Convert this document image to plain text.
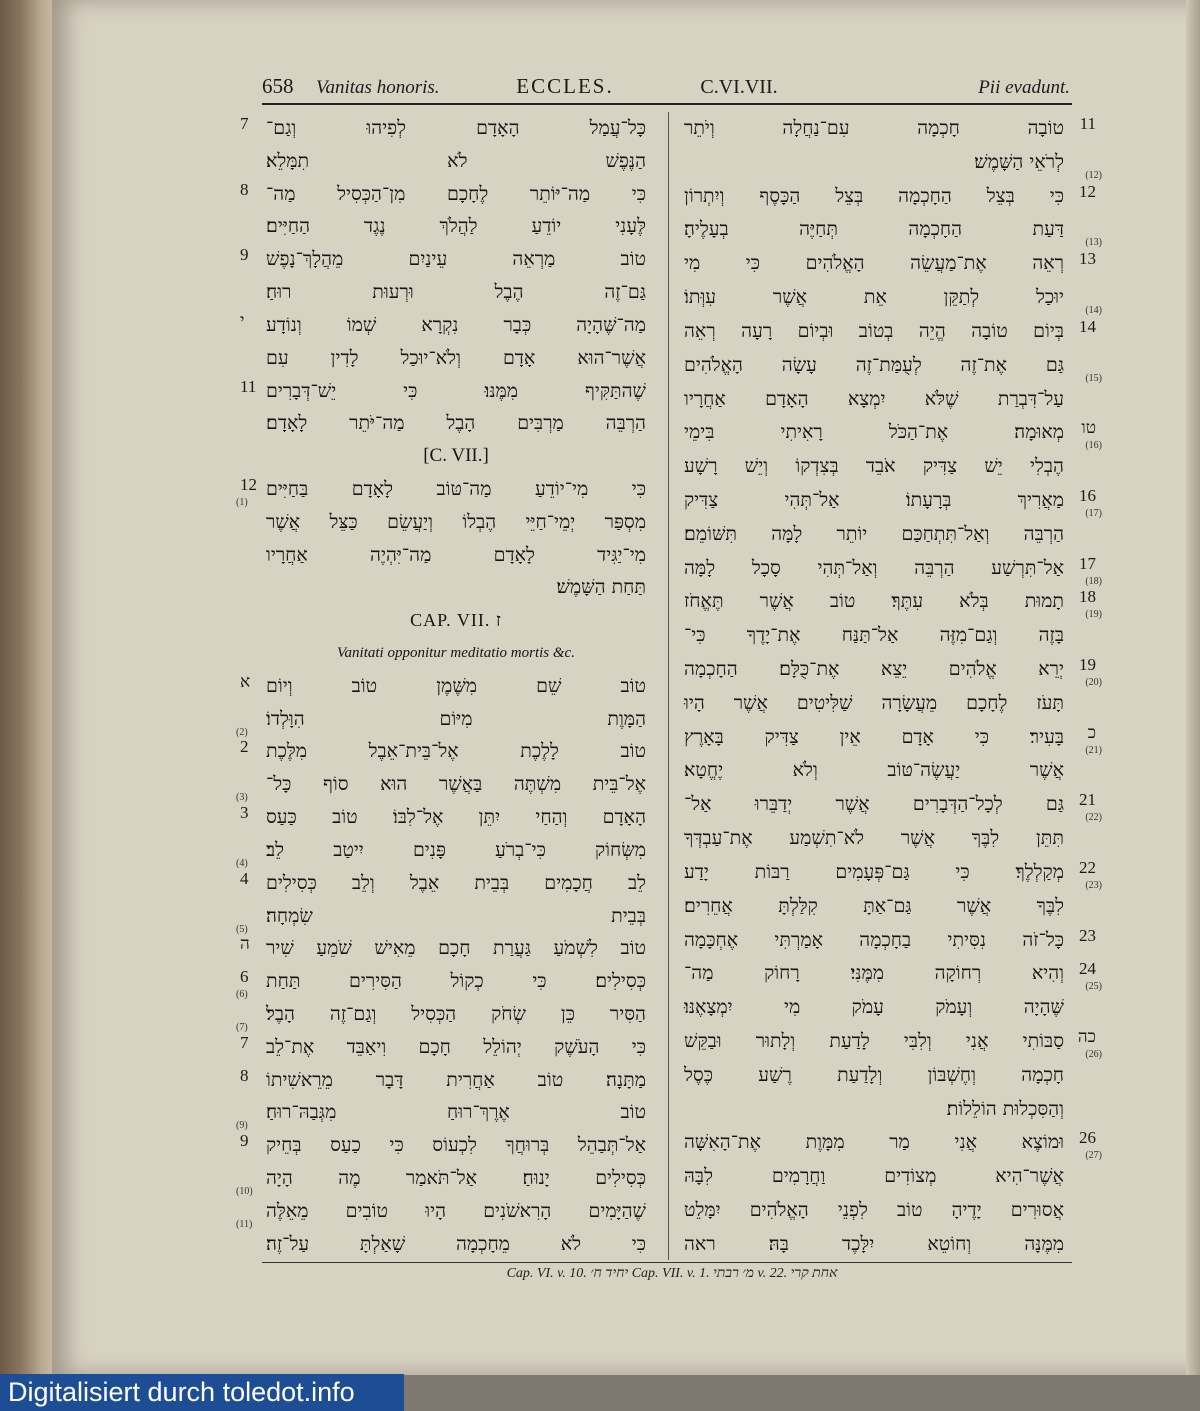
658	Vanitas honoris.	ECCLES.	C.VI.VII.	Pii evadunt.
כָּל־עֲמַל הָאָדָם לְפִיהוּ וְגַם־
7
הַנֶּפֶשׁ לֹא תִמָּלֵא׃
כִּי מַה־יּוֹתֵר לֶחָכָם מִן־הַכְּסִיל מַה־
8
לֶּעָנִי יוֹדֵעַ לַהֲלֹךְ נֶגֶד הַחַיִּים׃
טוֹב מַרְאֵה עֵינַיִם מֵהֲלָךְ־נָפֶשׁ
9
גַּם־זֶה הֶבֶל וּרְעוּת רוּחַ׃
מַה־שֶּׁהָיָה כְּבָר נִקְרָא שְׁמוֹ וְנוֹדָע
י
אֲשֶׁר־הוּא אָדָם וְלֹא־יוּכַל לָדִין עִם
שֶׁהתַּקִּיף מִמֶּנּוּ׃ כִּי יֵשׁ־דְּבָרִים
11
הַרְבֵּה מַרְבִּים הָבֶל מַה־יֹּתֵר לָאָדָם׃
[C. VII.]
כִּי מִי־יוֹדֵעַ מַה־טּוֹב לָאָדָם בַּחַיִּים
12
(1)
מִסְפַּר יְמֵי־חַיֵּי הֶבְלוֹ וְיַעֲשֵׂם כַּצֵּל אֲשֶׁר
מִי־יַגִּיד לָאָדָם מַה־יִּהְיֶה אַחֲרָיו
תַּחַת הַשָּׁמֶשׁ׃
CAP. VII. ז
Vanitati opponitur meditatio mortis &c.
טוֹב שֵׁם מִשֶּׁמֶן טוֹב וְיוֹם
א
הַמָּוֶת מִיּוֹם הִוָּלְדוֹ׃
(2)
טוֹב לָלֶכֶת אֶל־בֵּית־אֵבֶל מִלֶּכֶת
2
אֶל־בֵּית מִשְׁתֶּה בַּאֲשֶׁר הוּא סוֹף כָּל־
(3)
הָאָדָם וְהַחַי יִתֵּן אֶל־לִבּוֹ׃ טוֹב כַּעַס
3
מִשְּׂחוֹק כִּי־בְרֹעַ פָּנִים יִיטַב לֵב׃
(4)
לֵב חֲכָמִים בְּבֵית אֵבֶל וְלֵב כְּסִילִים
4
בְּבֵית שִׂמְחָה׃
(5)
טוֹב לִשְׁמֹעַ גַּעֲרַת חָכָם מֵאִישׁ שֹׁמֵעַ שִׁיר
ה
כְּסִילִים׃ כִּי כְקוֹל הַסִּירִים תַּחַת
6
(6)
הַסִּיר כֵּן שְׂחֹק הַכְּסִיל וְגַם־זֶה הָבֶל׃
(7)
כִּי הָעֹשֶׁק יְהוֹלֵל חָכָם וִיאַבֵּד אֶת־לֵב
7
מַתָּנָה׃ טוֹב אַחֲרִית דָּבָר מֵרֵאשִׁיתוֹ
8
טוֹב אֶרֶךְ־רוּחַ מִגְּבַהּ־רוּחַ׃
(9)
אַל־תְּבַהֵל בְּרוּחֲךָ לִכְעוֹס כִּי כַעַס בְּחֵיק
9
כְּסִילִים יָנוּחַ׃ אַל־תֹּאמַר מֶה הָיָה
(10)
שֶׁהַיָּמִים הָרִאשֹׁנִים הָיוּ טוֹבִים מֵאֵלֶּה
(11)
כִּי לֹא מֵחָכְמָה שָׁאַלְתָּ עַל־זֶה׃
טוֹבָה חָכְמָה עִם־נַחֲלָה וְיֹתֵר 11
לְרֹאֵי הַשָּׁמֶשׁ׃
(12)
כִּי בְּצֵל הַחָכְמָה בְּצֵל הַכָּסֶף וְיִתְרוֹן 12
דַּעַת הַחָכְמָה תְּחַיֶּה בְעָלֶיהָ׃
(13)
רְאֵה אֶת־מַעֲשֵׂה הָאֱלֹהִים כִּי מִי 13
יוּכַל לְתַקֵּן אֵת אֲשֶׁר עִוְּתוֹ׃
(14)
בְּיוֹם טוֹבָה הֱיֵה בְטוֹב וּבְיוֹם רָעָה רְאֵה 14
גַּם אֶת־זֶה לְעֻמַּת־זֶה עָשָׂה הָאֱלֹהִים
(15)
עַל־דִּבְרַת שֶׁלֹּא יִמְצָא הָאָדָם אַחֲרָיו
מְאוּמָה׃ אֶת־הַכֹּל רָאִיתִי בִּימֵי טו
(16)
הֶבְלִי יֵשׁ צַדִּיק אֹבֵד בְּצִדְקוֹ וְיֵשׁ רָשָׁע
מַאֲרִיךְ בְּרָעָתוֹ׃ אַל־תְּהִי צַדִּיק 16
(17)
הַרְבֵּה וְאַל־תִּתְחַכַּם יוֹתֵר לָמָּה תִּשּׁוֹמֵם׃
אַל־תִּרְשַׁע הַרְבֵּה וְאַל־תְּהִי סָכָל לָמָּה 17
(18)
תָמוּת בְּלֹא עִתֶּךָ׃ טוֹב אֲשֶׁר תֶּאֱחֹז 18
(19)
בָּזֶה וְגַם־מִזֶּה אַל־תַּנַּח אֶת־יָדֶךָ כִּי־
יְרֵא אֱלֹהִים יֵצֵא אֶת־כֻּלָּם׃ הַחָכְמָה 19
(20)
תָּעֹז לֶחָכָם מֵעֲשָׂרָה שַׁלִּיטִים אֲשֶׁר הָיוּ
בָּעִיר׃ כִּי אָדָם אֵין צַדִּיק בָּאָרֶץ כ
(21)
אֲשֶׁר יַעֲשֶׂה־טּוֹב וְלֹא יֶחֱטָא׃
גַּם לְכָל־הַדְּבָרִים אֲשֶׁר יְדַבֵּרוּ אַל־ 21
(22)
תִּתֵּן לִבֶּךָ אֲשֶׁר לֹא־תִשְׁמַע אֶת־עַבְדְּךָ
מְקַלְלֶךָ׃ כִּי גַּם־פְּעָמִים רַבּוֹת יָדַע 22
(23)
לִבֶּךָ אֲשֶׁר גַּם־אַתָּ קִלַּלְתָּ אֲחֵרִים׃
כָּל־זֹה נִסִּיתִי בַחָכְמָה אָמַרְתִּי אֶחְכָּמָה 23
וְהִיא רְחוֹקָה מִמֶּנִּי׃ רָחוֹק מַה־ 24
(25)
שֶּׁהָיָה וְעָמֹק עָמֹק מִי יִמְצָאֶנּוּ׃
סַבּוֹתִי אֲנִי וְלִבִּי לָדַעַת וְלָתוּר וּבַקֵּשׁ כה
(26)
חָכְמָה וְחֶשְׁבּוֹן וְלָדַעַת רֶשַׁע כֶּסֶל
וְהַסִּכְלוּת הוֹלֵלוֹת׃
וּמוֹצֶא אֲנִי מַר מִמָּוֶת אֶת־הָאִשָּׁה 26
(27)
אֲשֶׁר־הִיא מְצוֹדִים וַחֲרָמִים לִבָּהּ
אֲסוּרִים יָדֶיהָ טוֹב לִפְנֵי הָאֱלֹהִים יִמָּלֵט
מִמֶּנָּה וְחוֹטֵא יִלָּכֶד בָּהּ׃ ראה
Cap. VI. v. 10. יחיד ח׳ Cap. VII. v. 1. מ׳ רבתי v. 22. אחת קרי
Digitalisiert durch toledot.info
